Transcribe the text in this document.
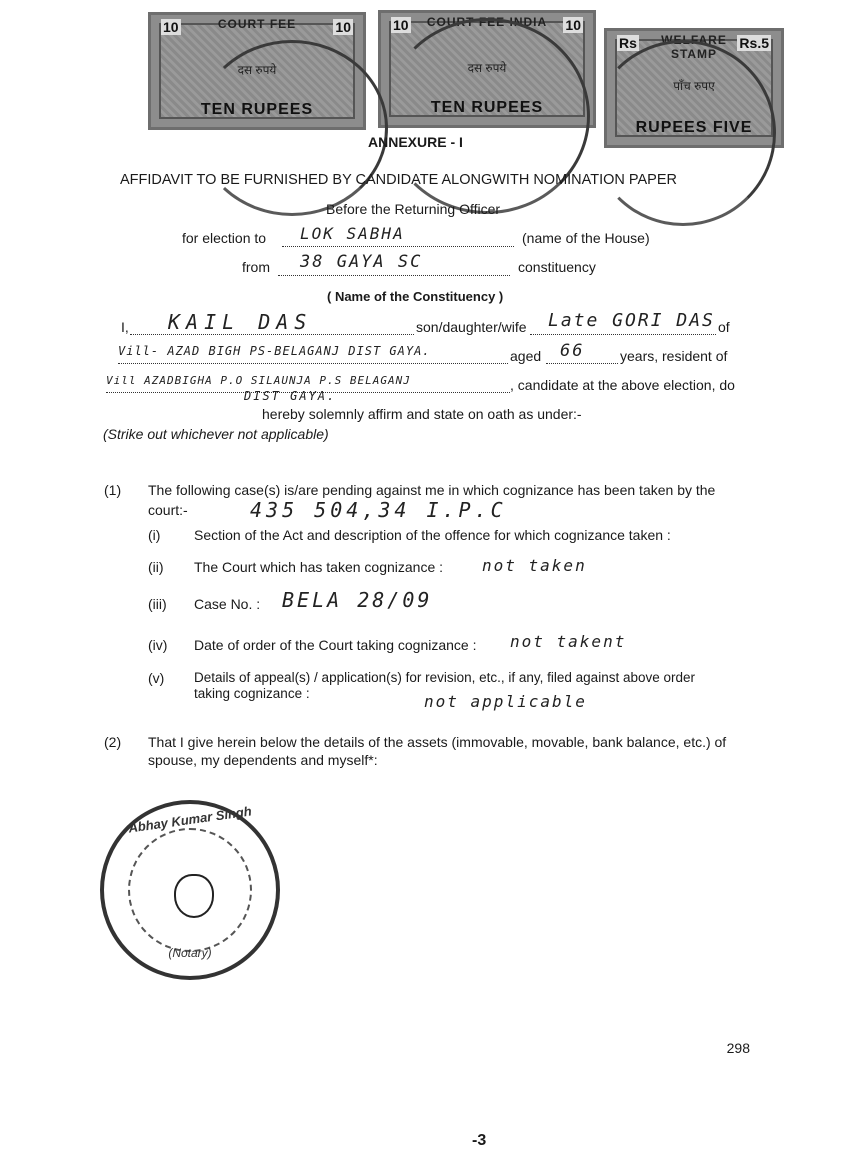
10	10
COURT FEE
दस रुपये
TEN RUPEES
10	10
COURT FEE INDIA
दस रुपये
TEN RUPEES
Rs	Rs.5
WELFARE STAMP
पाँच रुपए
RUPEES FIVE
ANNEXURE - I
AFFIDAVIT TO BE FURNISHED BY CANDIDATE ALONGWITH NOMINATION PAPER
Before the Returning Officer
for election to LOK SABHA	(name of the House)
from 38 GAYA SC	constituency
( Name of the Constituency )
I, KAIL DAS	son/daughter/wife Late GORI DAS of
Vill- AZAD BIGH PS-BELAGANJ DIST GAYA.	aged 66	years, resident of
Vill AZADBIGHA P.O SILAUNJA P.S BELAGANJ	, candidate at the above election, do
DIST GAYA.
hereby solemnly affirm and state on oath as under:-
(Strike out whichever not applicable)
(1) The following case(s) is/are pending against me in which cognizance has been taken by the
court:-	435 504,34 I.P.C
(i) Section of the Act and description of the offence for which cognizance taken :
(ii) The Court which has taken cognizance : not taken
(iii) Case No. : BELA 28/09
(iv) Date of order of the Court taking cognizance : not takent
(v) Details of appeal(s) / application(s) for revision, etc., if any, filed against above order
taking cognizance :	not applicable
(2) That I give herein below the details of the assets (immovable, movable, bank balance, etc.) of
spouse, my dependents and myself*:
Abhay Kumar Singh
(Notary)
298
-3
